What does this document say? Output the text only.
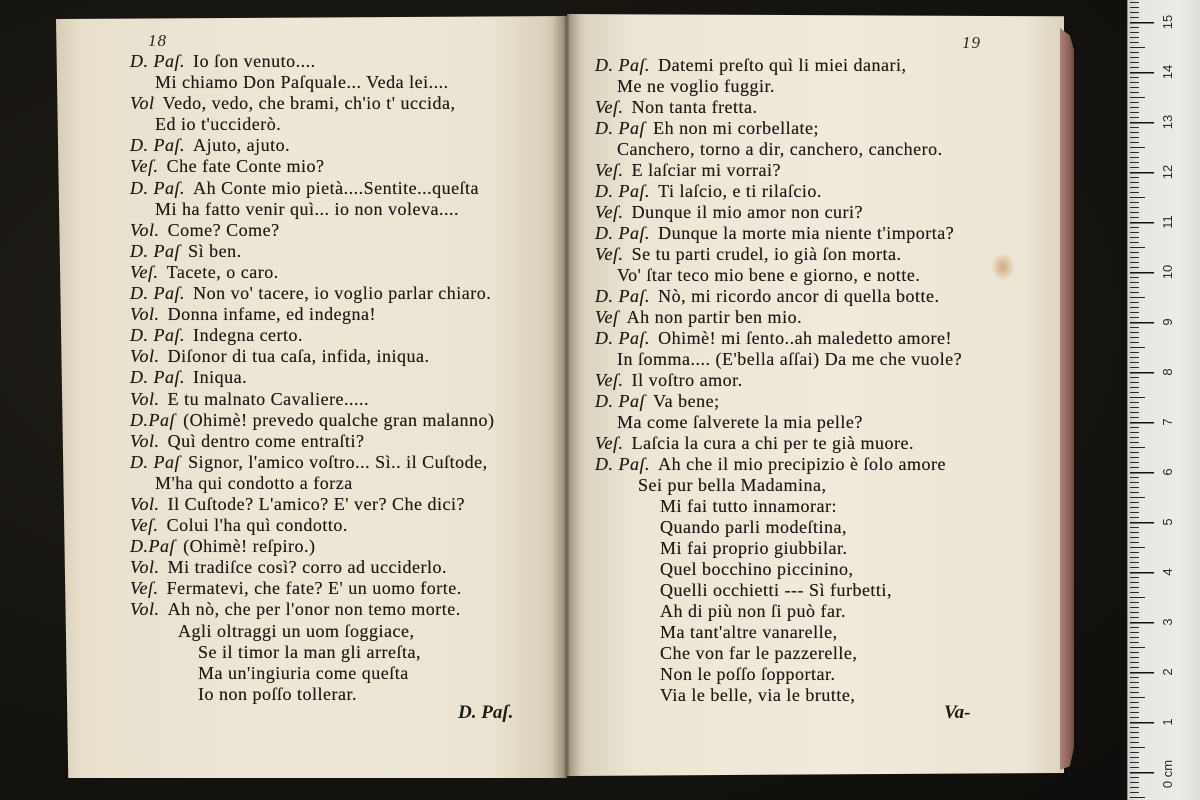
18	19
D. Paſ. Io ſon venuto....
Mi chiamo Don Paſquale... Veda lei....
Vol Vedo, vedo, che brami, ch'io t' uccida,
Ed io t'ucciderò.
D. Paſ. Ajuto, ajuto.
Veſ. Che fate Conte mio?
D. Paſ. Ah Conte mio pietà....Sentite...queſta
Mi ha fatto venir quì... io non voleva....
Vol. Come? Come?
D. Paſ Sì ben.
Veſ. Tacete, o caro.
D. Paſ. Non vo' tacere, io voglio parlar chiaro.
Vol. Donna infame, ed indegna!
D. Paſ. Indegna certo.
Vol. Diſonor di tua caſa, infida, iniqua.
D. Paſ. Iniqua.
Vol. E tu malnato Cavaliere.....
D.Paſ (Ohimè! prevedo qualche gran malanno)
Vol. Quì dentro come entraſti?
D. Paſ Signor, l'amico voſtro... Sì.. il Cuſtode,
M'ha qui condotto a forza
Vol. Il Cuſtode? L'amico? E' ver? Che dici?
Veſ. Colui l'ha quì condotto.
D.Paſ (Ohimè! reſpiro.)
Vol. Mi tradiſce così? corro ad ucciderlo.
Veſ. Fermatevi, che fate? E' un uomo forte.
Vol. Ah nò, che per l'onor non temo morte.
Agli oltraggi un uom ſoggiace,
Se il timor la man gli arreſta,
Ma un'ingiuria come queſta
Io non poſſo tollerar.
D. Paſ.
D. Paſ. Datemi preſto quì li miei danari,
Me ne voglio fuggir.
Veſ. Non tanta fretta.
D. Paſ Eh non mi corbellate;
Canchero, torno a dir, canchero, canchero.
Veſ. E laſciar mi vorrai?
D. Paſ. Ti laſcio, e ti rilaſcio.
Veſ. Dunque il mio amor non curi?
D. Paſ. Dunque la morte mia niente t'importa?
Veſ. Se tu parti crudel, io già ſon morta.
Vo' ſtar teco mio bene e giorno, e notte.
D. Paſ. Nò, mi ricordo ancor di quella botte.
Veſ Ah non partir ben mio.
D. Paſ. Ohimè! mi ſento..ah maledetto amore!
In ſomma.... (E'bella aſſai) Da me che vuole?
Veſ. Il voſtro amor.
D. Paſ Va bene;
Ma come ſalverete la mia pelle?
Veſ. Laſcia la cura a chi per te già muore.
D. Paſ. Ah che il mio precipizio è ſolo amore
Sei pur bella Madamina,
Mi fai tutto innamorar:
Quando parli modeſtina,
Mi fai proprio giubbilar.
Quel bocchino piccinino,
Quelli occhietti --- Sì furbetti,
Ah di più non ſi può far.
Ma tant'altre vanarelle,
Che von far le pazzerelle,
Non le poſſo ſopportar.
Via le belle, via le brutte,
Va-
15
14
13
12
11
10
9
8
7
6
5
4
3
2
1
0 cm
